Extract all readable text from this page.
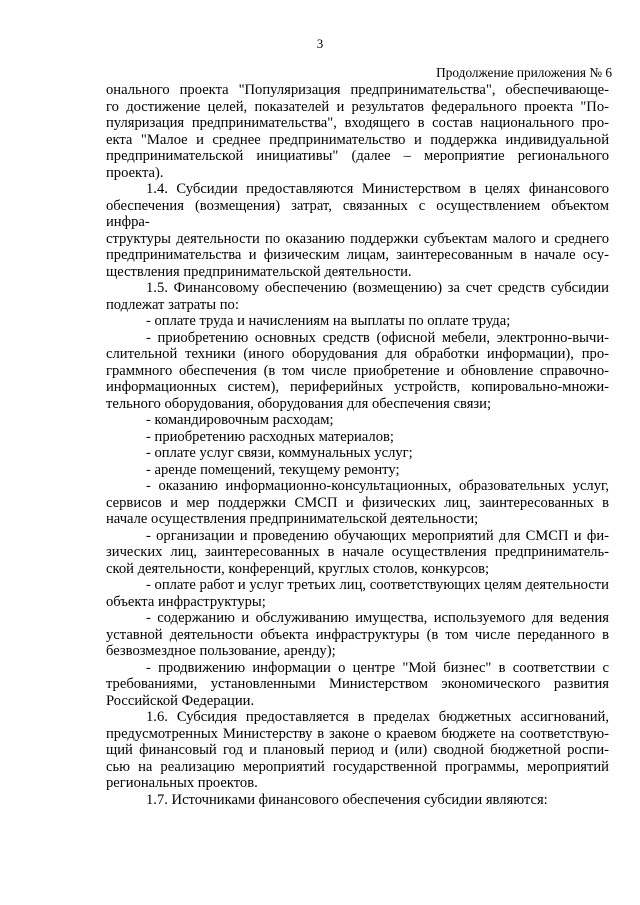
3
Продолжение приложения № 6
онального проекта "Популяризация предпринимательства", обеспечивающе-
го достижение целей, показателей и результатов федерального проекта "По-
пуляризация предпринимательства", входящего в состав национального про-
екта "Малое и среднее предпринимательство и поддержка индивидуальной
предпринимательской инициативы" (далее – мероприятие регионального
проекта).
1.4. Субсидии предоставляются Министерством в целях финансового
обеспечения (возмещения) затрат, связанных с осуществлением объектом инфра-
структуры деятельности по оказанию поддержки субъектам малого и среднего
предпринимательства и физическим лицам, заинтересованным в начале осу-
ществления предпринимательской деятельности.
1.5. Финансовому обеспечению (возмещению) за счет средств субсидии
подлежат затраты по:
- оплате труда и начислениям на выплаты по оплате труда;
- приобретению основных средств (офисной мебели, электронно-вычи-
слительной техники (иного оборудования для обработки информации), про-
граммного обеспечения (в том числе приобретение и обновление справочно-
информационных систем), периферийных устройств, копировально-множи-
тельного оборудования, оборудования для обеспечения связи;
- командировочным расходам;
- приобретению расходных материалов;
- оплате услуг связи, коммунальных услуг;
- аренде помещений, текущему ремонту;
- оказанию информационно-консультационных, образовательных услуг,
сервисов и мер поддержки СМСП и физических лиц, заинтересованных в
начале осуществления предпринимательской деятельности;
- организации и проведению обучающих мероприятий для СМСП и фи-
зических лиц, заинтересованных в начале осуществления предприниматель-
ской деятельности, конференций, круглых столов, конкурсов;
- оплате работ и услуг третьих лиц, соответствующих целям деятельности
объекта инфраструктуры;
- содержанию и обслуживанию имущества, используемого для ведения
уставной деятельности объекта инфраструктуры (в том числе переданного в
безвозмездное пользование, аренду);
- продвижению информации о центре "Мой бизнес" в соответствии с
требованиями, установленными Министерством экономического развития
Российской Федерации.
1.6. Субсидия предоставляется в пределах бюджетных ассигнований,
предусмотренных Министерству в законе о краевом бюджете на соответствую-
щий финансовый год и плановый период и (или) сводной бюджетной роспи-
сью на реализацию мероприятий государственной программы, мероприятий
региональных проектов.
1.7. Источниками финансового обеспечения субсидии являются:
